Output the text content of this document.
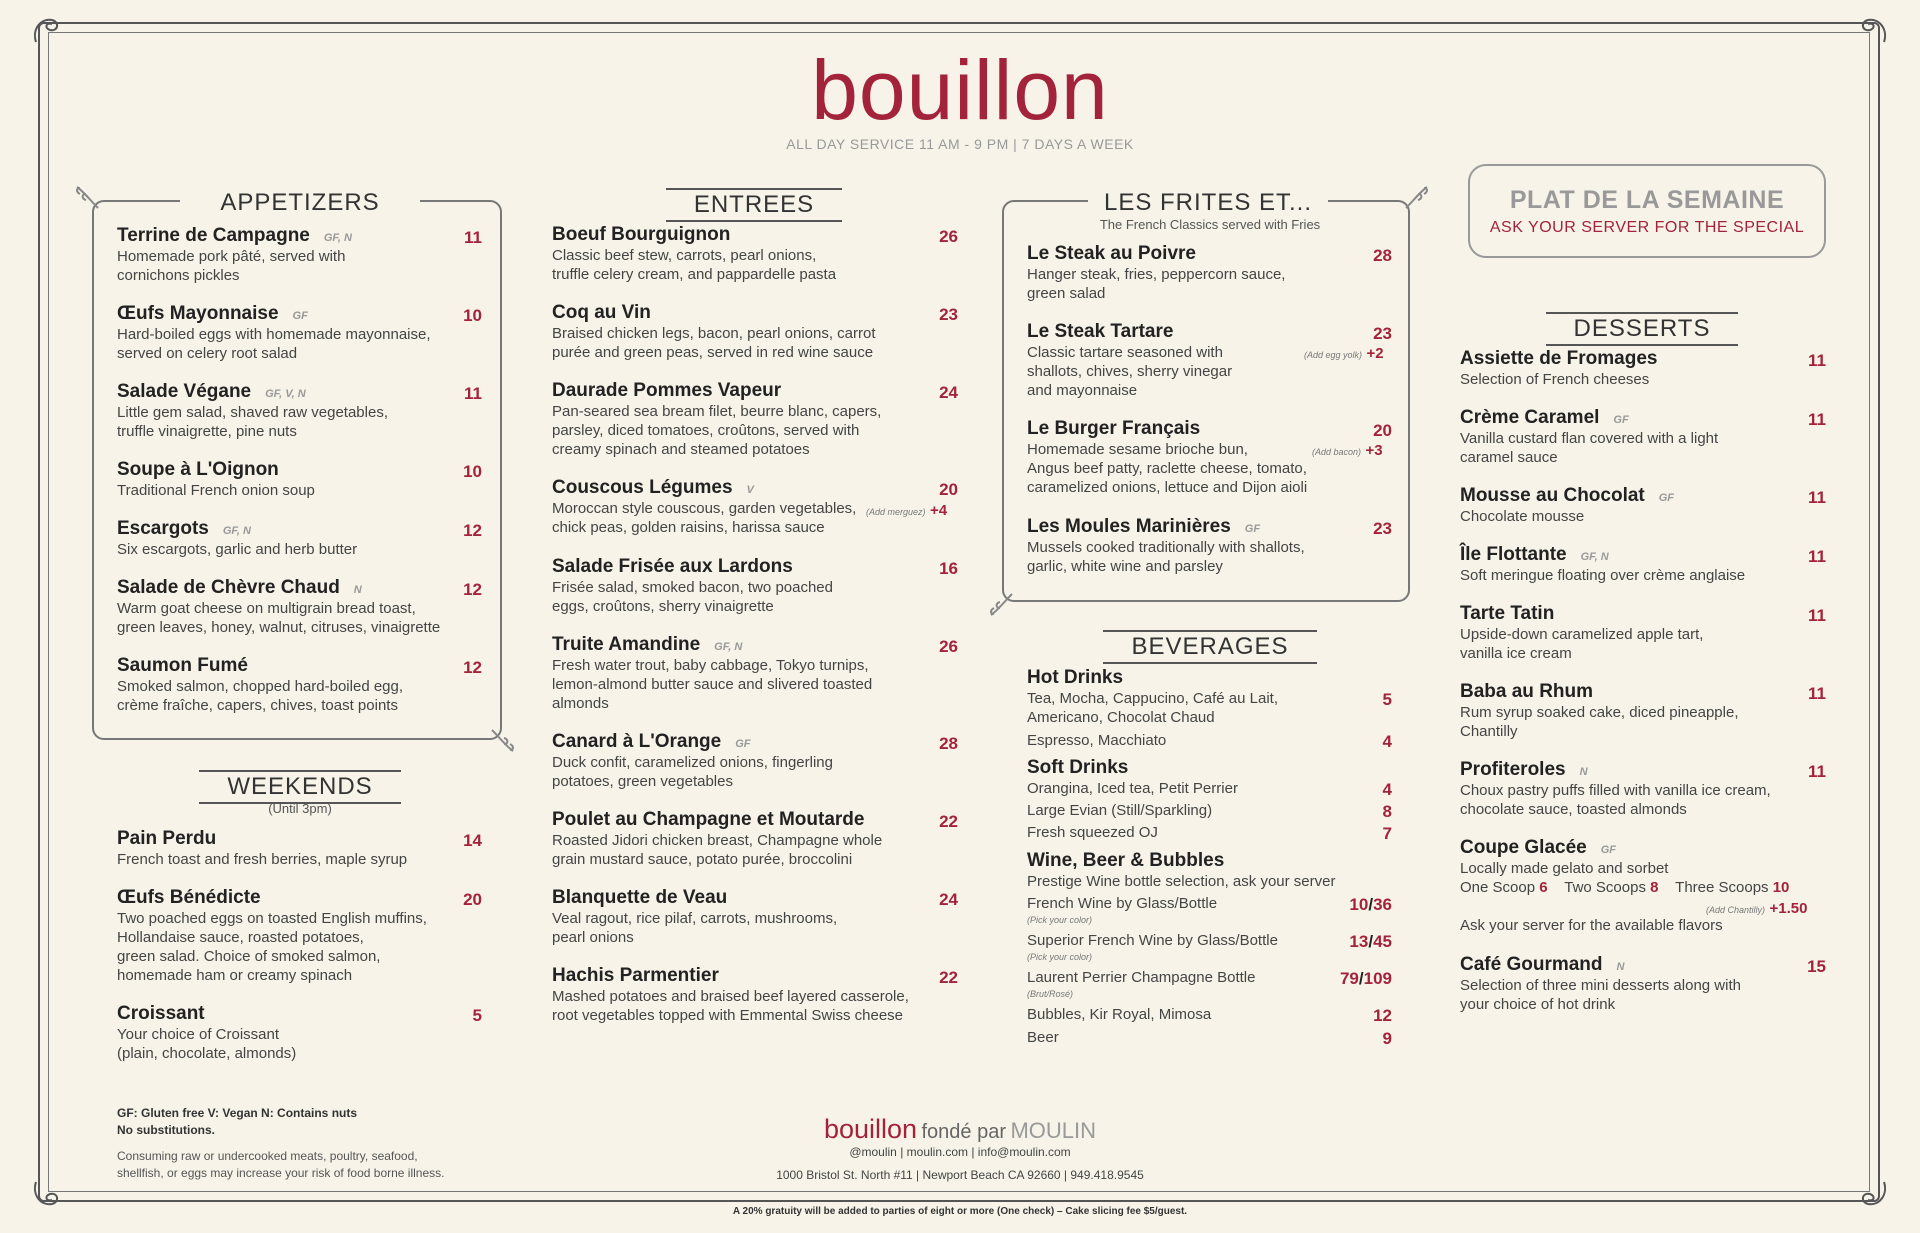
bouillon
ALL DAY SERVICE 11 AM - 9 PM | 7 DAYS A WEEK
APPETIZERS
Terrine de Campagne GF, N
Homemade pork pâté, served with
cornichons pickles
11
Œufs Mayonnaise GF
Hard-boiled eggs with homemade mayonnaise,
served on celery root salad
10
Salade Végane GF, V, N
Little gem salad, shaved raw vegetables,
truffle vinaigrette, pine nuts
11
Soupe à L'Oignon
Traditional French onion soup
10
Escargots GF, N
Six escargots, garlic and herb butter
12
Salade de Chèvre Chaud N
Warm goat cheese on multigrain bread toast,
green leaves, honey, walnut, citruses, vinaigrette
12
Saumon Fumé
Smoked salmon, chopped hard-boiled egg,
crème fraîche, capers, chives, toast points
12
WEEKENDS
(Until 3pm)
Pain Perdu
French toast and fresh berries, maple syrup
14
Œufs Bénédicte
Two poached eggs on toasted English muffins,
Hollandaise sauce, roasted potatoes,
green salad. Choice of smoked salmon,
homemade ham or creamy spinach
20
Croissant
Your choice of Croissant
(plain, chocolate, almonds)
5
ENTREES
Boeuf Bourguignon
Classic beef stew, carrots, pearl onions,
truffle celery cream, and pappardelle pasta
26
Coq au Vin
Braised chicken legs, bacon, pearl onions, carrot
purée and green peas, served in red wine sauce
23
Daurade Pommes Vapeur
Pan-seared sea bream filet, beurre blanc, capers,
parsley, diced tomatoes, croûtons, served with
creamy spinach and steamed potatoes
24
Couscous Légumes V
Moroccan style couscous, garden vegetables,
chick peas, golden raisins, harissa sauce
20
(Add merguez) +4
Salade Frisée aux Lardons
Frisée salad, smoked bacon, two poached
eggs, croûtons, sherry vinaigrette
16
Truite Amandine GF, N
Fresh water trout, baby cabbage, Tokyo turnips,
lemon-almond butter sauce and slivered toasted
almonds
26
Canard à L'Orange GF
Duck confit, caramelized onions, fingerling
potatoes, green vegetables
28
Poulet au Champagne et Moutarde
Roasted Jidori chicken breast, Champagne whole
grain mustard sauce, potato purée, broccolini
22
Blanquette de Veau
Veal ragout, rice pilaf, carrots, mushrooms,
pearl onions
24
Hachis Parmentier
Mashed potatoes and braised beef layered casserole,
root vegetables topped with Emmental Swiss cheese
22
LES FRITES ET...
The French Classics served with Fries
Le Steak au Poivre
Hanger steak, fries, peppercorn sauce,
green salad
28
Le Steak Tartare
Classic tartare seasoned with
shallots, chives, sherry vinegar
and mayonnaise
23
(Add egg yolk) +2
Le Burger Français
Homemade sesame brioche bun,
Angus beef patty, raclette cheese, tomato,
caramelized onions, lettuce and Dijon aioli
20
(Add bacon) +3
Les Moules Marinières GF
Mussels cooked traditionally with shallots,
garlic, white wine and parsley
23
BEVERAGES
Hot Drinks
Tea, Mocha, Cappucino, Café au Lait,
Americano, Chocolat Chaud
5
Espresso, Macchiato	4
Soft Drinks
Orangina, Iced tea, Petit Perrier	4
Large Evian (Still/Sparkling)	8
Fresh squeezed OJ	7
Wine, Beer & Bubbles
Prestige Wine bottle selection, ask your server
French Wine by Glass/Bottle
(Pick your color)
10/36
Superior French Wine by Glass/Bottle
(Pick your color)
13/45
Laurent Perrier Champagne Bottle
(Brut/Rosé)
79/109
Bubbles, Kir Royal, Mimosa	12
Beer	9
PLAT DE LA SEMAINE
ASK YOUR SERVER FOR THE SPECIAL
DESSERTS
Assiette de Fromages
Selection of French cheeses
11
Crème Caramel GF
Vanilla custard flan covered with a light
caramel sauce
11
Mousse au Chocolat GF
Chocolate mousse
11
Île Flottante GF, N
Soft meringue floating over crème anglaise
11
Tarte Tatin
Upside-down caramelized apple tart,
vanilla ice cream
11
Baba au Rhum
Rum syrup soaked cake, diced pineapple,
Chantilly
11
Profiteroles N
Choux pastry puffs filled with vanilla ice cream,
chocolate sauce, toasted almonds
11
Coupe Glacée GF
Locally made gelato and sorbet
One Scoop 6 Two Scoops 8 Three Scoops 10
(Add Chantilly) +1.50
Ask your server for the available flavors
Café Gourmand N
Selection of three mini desserts along with
your choice of hot drink
15
GF: Gluten free V: Vegan N: Contains nuts
No substitutions.
Consuming raw or undercooked meats, poultry, seafood,
shellfish, or eggs may increase your risk of food borne illness.
bouillon fondé par MOULIN
@moulin | moulin.com | info@moulin.com
1000 Bristol St. North #11 | Newport Beach CA 92660 | 949.418.9545
A 20% gratuity will be added to parties of eight or more (One check) – Cake slicing fee $5/guest.
